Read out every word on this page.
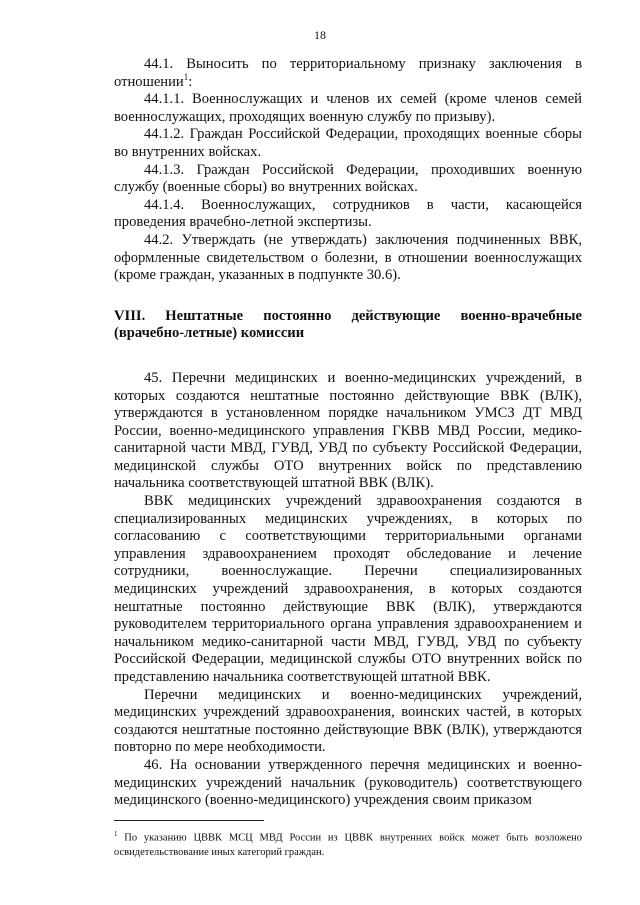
18

44.1. Выносить по территориальному признаку заключения в отношении$^1$:

44.1.1. Военнослужащих и членов их семей (кроме членов семей военнослужащих, проходящих военную службу по призыву).

44.1.2. Граждан Российской Федерации, проходящих военные сборы во внутренних войсках.

44.1.3. Граждан Российской Федерации, проходивших военную службу (военные сборы) во внутренних войсках.

44.1.4. Военнослужащих, сотрудников в части, касающейся проведения врачебно-летной экспертизы.

44.2. Утверждать (не утверждать) заключения подчиненных ВВК, оформленные свидетельством о болезни, в отношении военнослужащих (кроме граждан, указанных в подпункте 30.6).

VIII. Нештатные постоянно действующие военно-врачебные
(врачебно-летные) комиссии

45. Перечни медицинских и военно-медицинских учреждений, в которых создаются нештатные постоянно действующие ВВК (ВЛК), утверждаются в установленном порядке начальником УМСЗ ДТ МВД России, военно-медицинского управления ГКВВ МВД России, медико-санитарной части МВД, ГУВД, УВД по субъекту Российской Федерации, медицинской службы ОТО внутренних войск по представлению начальника соответствующей штатной ВВК (ВЛК).

ВВК медицинских учреждений здравоохранения создаются в специализированных медицинских учреждениях, в которых по согласованию с соответствующими территориальными органами управления здравоохранением проходят обследование и лечение сотрудники, военнослужащие. Перечни специализированных медицинских учреждений здравоохранения, в которых создаются нештатные постоянно действующие ВВК (ВЛК), утверждаются руководителем территориального органа управления здравоохранением и начальником медико-санитарной части МВД, ГУВД, УВД по субъекту Российской Федерации, медицинской службы ОТО внутренних войск по представлению начальника соответствующей штатной ВВК.

Перечни медицинских и военно-медицинских учреждений, медицинских учреждений здравоохранения, воинских частей, в которых создаются нештатные постоянно действующие ВВК (ВЛК), утверждаются повторно по мере необходимости.

46. На основании утвержденного перечня медицинских и военно-медицинских учреждений начальник (руководитель) соответствующего медицинского (военно-медицинского) учреждения своим приказом

$^1$ По указанию ЦВВК МСЦ МВД России из ЦВВК внутренних войск может быть возложено освидетельствование иных категорий граждан.
